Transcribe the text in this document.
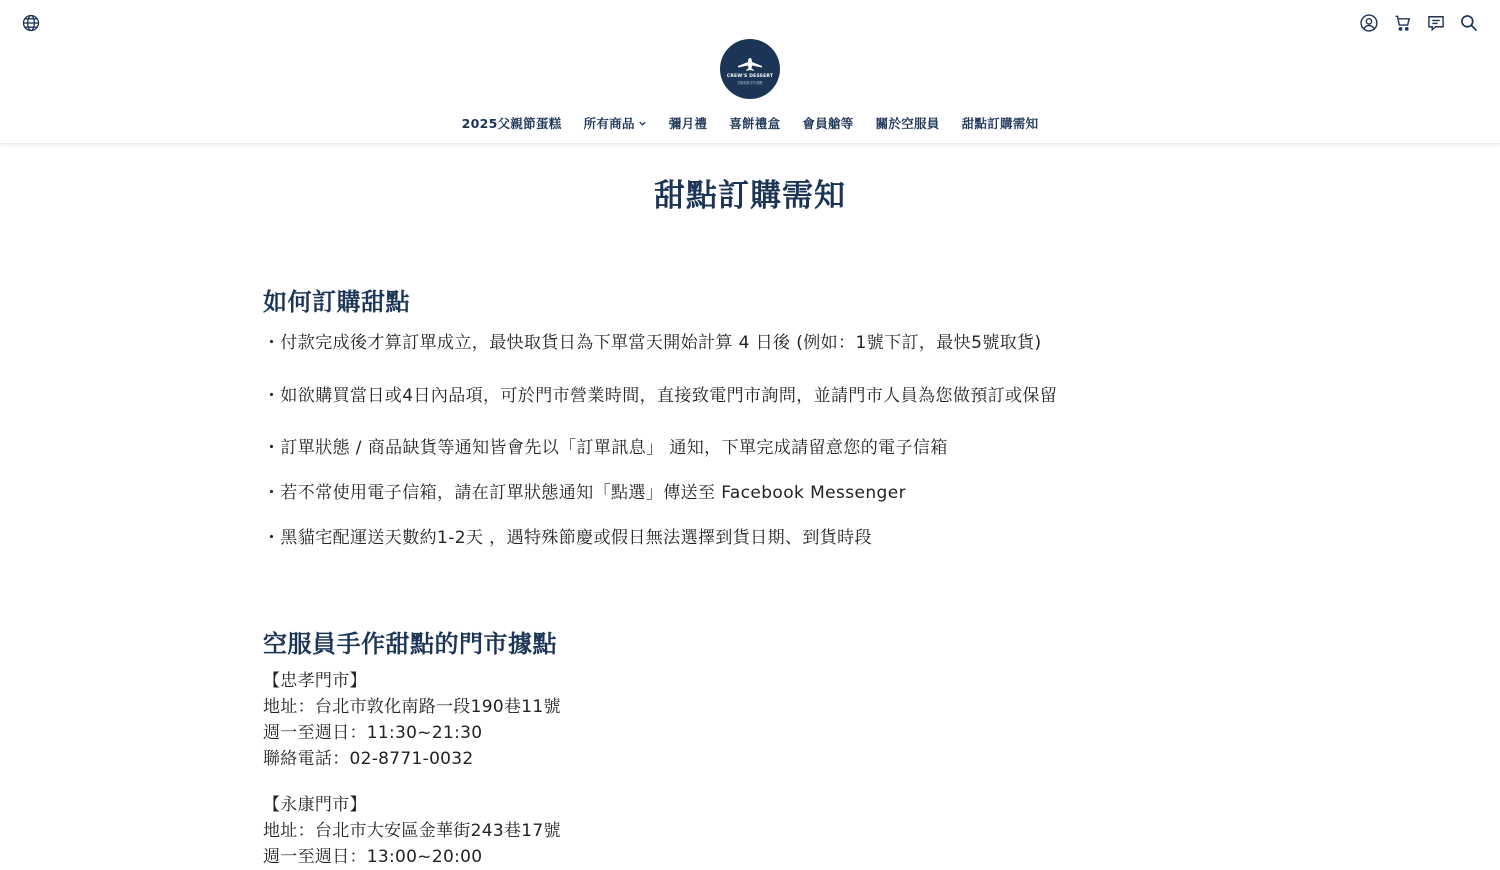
CREW'S DESSERT
空服員的手作甜點
2025父親節蛋糕 所有商品	彌月禮 喜餅禮盒 會員艙等 關於空服員 甜點訂購需知
甜點訂購需知
如何訂購甜點

・付款完成後才算訂單成立，最快取貨日為下單當天開始計算 4 日後 (例如：1號下訂，最快5號取貨)

・如欲購買當日或4日內品項，可於門市營業時間，直接致電門市詢問，並請門市人員為您做預訂或保留

・訂單狀態 / 商品缺貨等通知皆會先以「訂單訊息」 通知，下單完成請留意您的電子信箱

・若不常使用電子信箱，請在訂單狀態通知「點選」傳送至 Facebook Messenger

・黑貓宅配運送天數約1-2天 ，遇特殊節慶或假日無法選擇到貨日期、到貨時段

空服員手作甜點的門市據點
【忠孝門市】
地址：台北市敦化南路一段190巷11號
週一至週日：11:30~21:30
聯絡電話：02-8771-0032
【永康門市】
地址：台北市大安區金華街243巷17號
週一至週日：13:00~20:00
